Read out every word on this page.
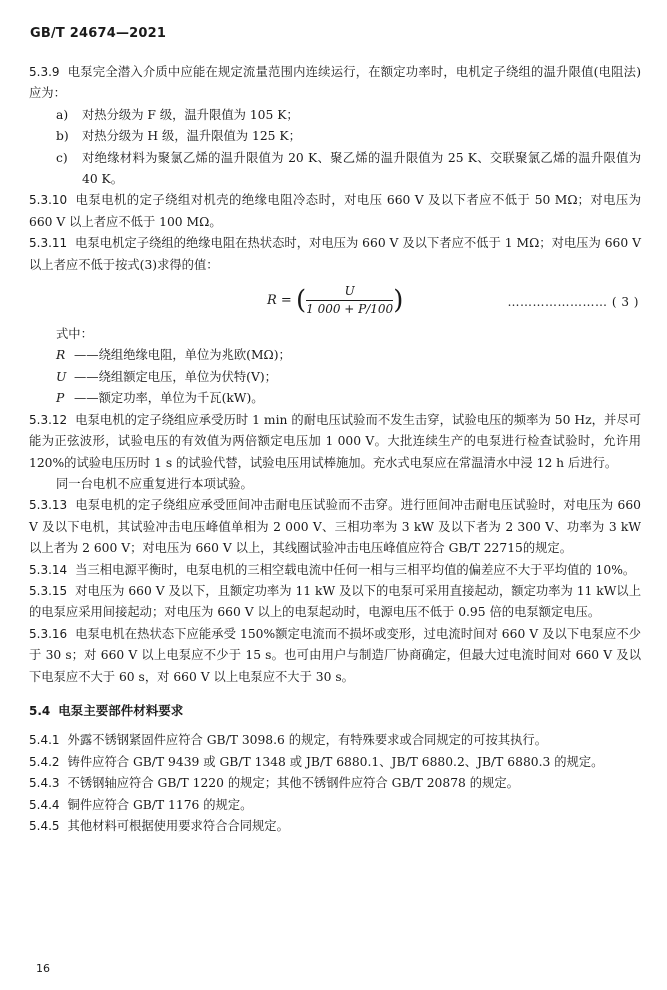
GB/T 24674—2021

5.3.9 电泵完全潜入介质中应能在规定流量范围内连续运行，在额定功率时，电机定子绕组的温升限值(电阻法)应为：

a) 对热分级为 F 级，温升限值为 105 K；

b) 对热分级为 H 级，温升限值为 125 K；

c) 对绝缘材料为聚氯乙烯的温升限值为 20 K、聚乙烯的温升限值为 25 K、交联聚氯乙烯的温升限值为 40 K。

5.3.10 电泵电机的定子绕组对机壳的绝缘电阻冷态时，对电压 660 V 及以下者应不低于 50 MΩ；对电压为 660 V 以上者应不低于 100 MΩ。

5.3.11 电泵电机定子绕组的绝缘电阻在热状态时，对电压为 660 V 及以下者应不低于 1 MΩ；对电压为 660 V 以上者应不低于按式(3)求得的值：

R = ( $\frac{U}{1 000 + P/100}$ )	…………………… ( 3 )

式中：

R ——绕组绝缘电阻，单位为兆欧(MΩ)；

U ——绕组额定电压，单位为伏特(V)；

P ——额定功率，单位为千瓦(kW)。

5.3.12 电泵电机的定子绕组应承受历时 1 min 的耐电压试验而不发生击穿，试验电压的频率为 50 Hz，并尽可能为正弦波形，试验电压的有效值为两倍额定电压加 1 000 V。大批连续生产的电泵进行检查试验时，允许用 120%的试验电压历时 1 s 的试验代替，试验电压用试棒施加。充水式电泵应在常温清水中浸 12 h 后进行。

同一台电机不应重复进行本项试验。

5.3.13 电泵电机的定子绕组应承受匝间冲击耐电压试验而不击穿。进行匝间冲击耐电压试验时，对电压为 660 V 及以下电机，其试验冲击电压峰值单相为 2 000 V、三相功率为 3 kW 及以下者为 2 300 V、功率为 3 kW 以上者为 2 600 V；对电压为 660 V 以上，其线圈试验冲击电压峰值应符合 GB/T 22715的规定。

5.3.14 当三相电源平衡时，电泵电机的三相空载电流中任何一相与三相平均值的偏差应不大于平均值的 10%。

5.3.15 对电压为 660 V 及以下，且额定功率为 11 kW 及以下的电泵可采用直接起动，额定功率为 11 kW以上的电泵应采用间接起动；对电压为 660 V 以上的电泵起动时，电源电压不低于 0.95 倍的电泵额定电压。

5.3.16 电泵电机在热状态下应能承受 150%额定电流而不损坏或变形，过电流时间对 660 V 及以下电泵应不少于 30 s；对 660 V 以上电泵应不少于 15 s。也可由用户与制造厂协商确定，但最大过电流时间对 660 V 及以下电泵应不大于 60 s，对 660 V 以上电泵应不大于 30 s。

5.4 电泵主要部件材料要求

5.4.1 外露不锈钢紧固件应符合 GB/T 3098.6 的规定，有特殊要求或合同规定的可按其执行。

5.4.2 铸件应符合 GB/T 9439 或 GB/T 1348 或 JB/T 6880.1、JB/T 6880.2、JB/T 6880.3 的规定。

5.4.3 不锈钢轴应符合 GB/T 1220 的规定；其他不锈钢件应符合 GB/T 20878 的规定。

5.4.4 铜件应符合 GB/T 1176 的规定。

5.4.5 其他材料可根据使用要求符合合同规定。

16
